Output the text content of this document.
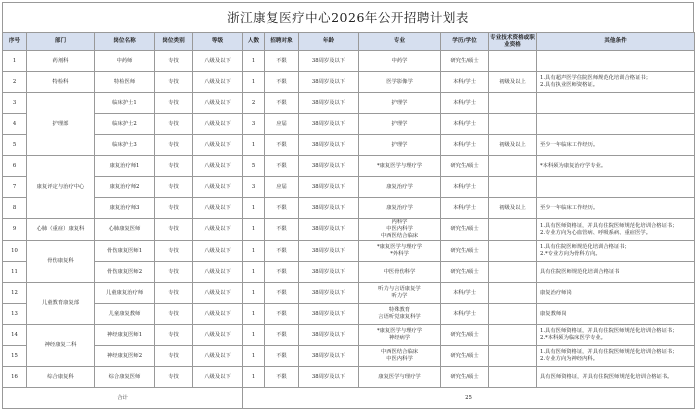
浙江康复医疗中心2026年公开招聘计划表
序号	部门	岗位名称	岗位类别	等级	人数	招聘对象	年龄	专业	学历/学位	专业技术资格或职业资格	其他条件
1	药剂科	中药师	专技	八级及以下	1	不限	38周岁及以下	中药学	研究生/硕士		
2	特检科	特检医师	专技	八级及以下	1	不限	38周岁及以下	医学影像学	本科/学士	初级及以上	1.具有超声医学住院医师规范化培训合格证书；
2.具有执业医师资格证。

3	护理部	临床护士1	专技	八级及以下	2	不限	38周岁及以下	护理学	本科/学士		
4		临床护士2	专技	八级及以下	3	应届	38周岁及以下	护理学	本科/学士		
5		临床护士3	专技	八级及以下	1	不限	38周岁及以下	护理学	本科/学士	初级及以上	至少一年临床工作经历。
6	康复评定与治疗中心	康复治疗师1	专技	八级及以下	5	不限	38周岁及以下	*康复医学与理疗学	研究生/硕士		*本科须为康复治疗学专业。
7		康复治疗师2	专技	八级及以下	3	应届	38周岁及以下	康复治疗学	本科/学士		
8		康复治疗师3	专技	八级及以下	1	不限	38周岁及以下	康复治疗学	本科/学士	初级及以上	至少一年临床工作经历。
9	心肺（重症）康复科	心肺康复医师	专技	八级及以下	1	不限	38周岁及以下	内科学
中医内科学
中西医结合临床	研究生/硕士		1.具有医师资格证，并具有住院医师规范化培训合格证书；
2.专业方向为心血管病、呼吸系病、重症医学。

10	骨伤康复科	骨伤康复医师1	专技	八级及以下	1	不限	38周岁及以下	*康复医学与理疗学
*外科学	研究生/硕士		1.具有住院医师规范化培训合格证书；
2.*专业方向为骨科方向。

11		骨伤康复医师2	专技	八级及以下	1	不限	38周岁及以下	中医骨伤科学	研究生/硕士		具有住院医师规范化培训合格证书
12	儿童教育康复部	儿童康复治疗师	专技	八级及以下	1	不限	38周岁及以下	听力与言语康复学
听力学	本科/学士		康复治疗师岗
13		儿童康复教师	专技	八级及以下	1	不限	38周岁及以下	特殊教育
言语听觉康复科学	本科/学士		康复教师岗
14	神经康复二科	神经康复医师1	专技	八级及以下	1	不限	38周岁及以下	*康复医学与理疗学
神经病学	研究生/硕士		1.具有医师资格证，并具有住院医师规范化培训合格证书；
2.*本科须为临床医学专业。

15		神经康复医师2	专技	八级及以下	1	不限	38周岁及以下	中西医结合临床
中医内科学	研究生/硕士		1.具有医师资格证，并具有住院医师规范化培训合格证书；
2.专业方向为神经内科。

16	综合康复科	综合康复医师	专技	八级及以下	1	不限	38周岁及以下	康复医学与理疗学	研究生/硕士		具有医师资格证，并具有住院医师规范化培训合格证书。
合计					25						
